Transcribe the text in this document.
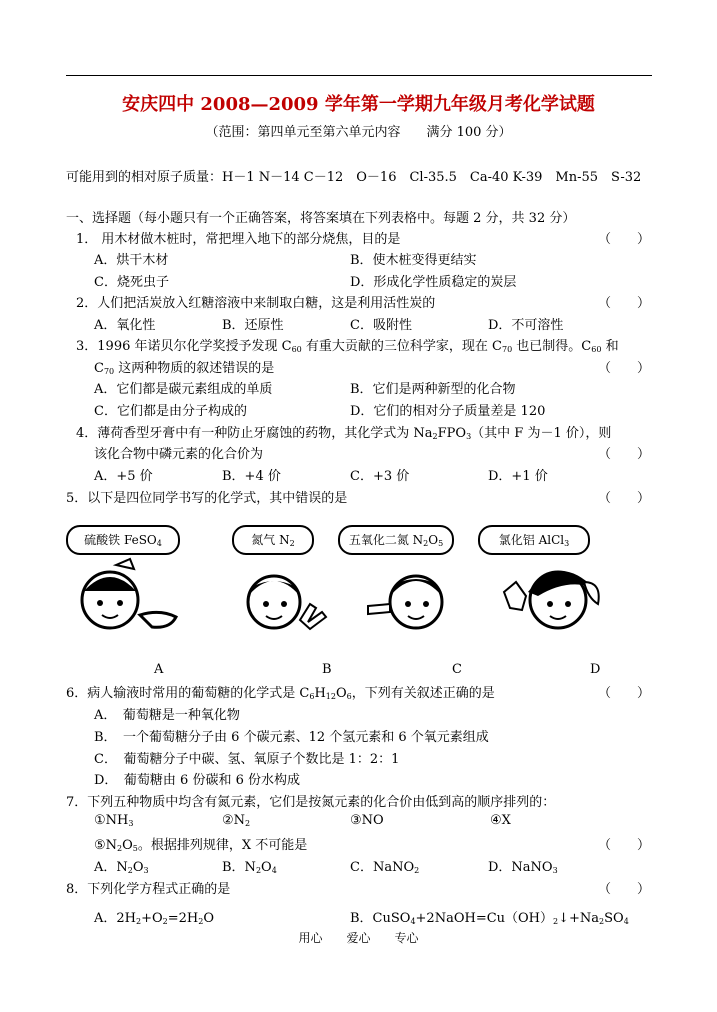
安庆四中 2008—2009 学年第一学期九年级月考化学试题
（范围：第四单元至第六单元内容　　满分 100 分）
可能用到的相对原子质量：H－1 N－14 C－12　O－16　Cl-35.5　Ca-40 K-39　Mn-55　S-32
一、选择题（每小题只有一个正确答案，将答案填在下列表格中。每题 2 分，共 32 分）
1． 用木材做木桩时，常把埋入地下的部分烧焦，目的是	（　　）
A．烘干木材	B．使木桩变得更结实
C．烧死虫子	D．形成化学性质稳定的炭层
2．人们把活炭放入红糖溶液中来制取白糖，这是利用活性炭的	（　　）
A．氧化性	B．还原性	C．吸附性	D．不可溶性
3．1996 年诺贝尔化学奖授予发现 $C_{60}$ 有重大贡献的三位科学家，现在 $C_{70}$ 也已制得。$C_{60}$ 和
$C_{70}$ 这两种物质的叙述错误的是	（　　）
A．它们都是碳元素组成的单质	B．它们是两种新型的化合物
C．它们都是由分子构成的	D．它们的相对分子质量差是 120
4．薄荷香型牙膏中有一种防止牙腐蚀的药物，其化学式为 $Na_2FPO_3$（其中 F 为－1 价），则
该化合物中磷元素的化合价为	（　　）
A．+5 价	B．+4 价	C．+3 价	D．+1 价
5．以下是四位同学书写的化学式，其中错误的是	（　　）
硫酸铁 FeSO$_4$	氮气 $N_2$	五氧化二氮 $N_2O_5$	氯化铝 AlCl$_3$
A	B	C	D
6．病人输液时常用的葡萄糖的化学式是 $C_6H_{12}O_6$，下列有关叙述正确的是	（　　）
A．　葡萄糖是一种氧化物
B．　一个葡萄糖分子由 6 个碳元素、12 个氢元素和 6 个氧元素组成
C．　葡萄糖分子中碳、氢、氧原子个数比是 1：2：1
D．　葡萄糖由 6 份碳和 6 份水构成
7．下列五种物质中均含有氮元素，它们是按氮元素的化合价由低到高的顺序排列的：
$①NH_3$	$②N_2$	③NO	④X
$⑤N_2O_5$。根据排列规律，X 不可能是	（　　）
A．$N_2O_3$	B．$N_2O_4$	C．NaNO$_2$	D．NaNO$_3$
8．下列化学方程式正确的是	（　　）
A．$2H_2+O_2=2H_2O$	B．$CuSO_4+2NaOH=Cu(OH)_2↓+Na_2SO_4$
用心　　爱心　　专心
